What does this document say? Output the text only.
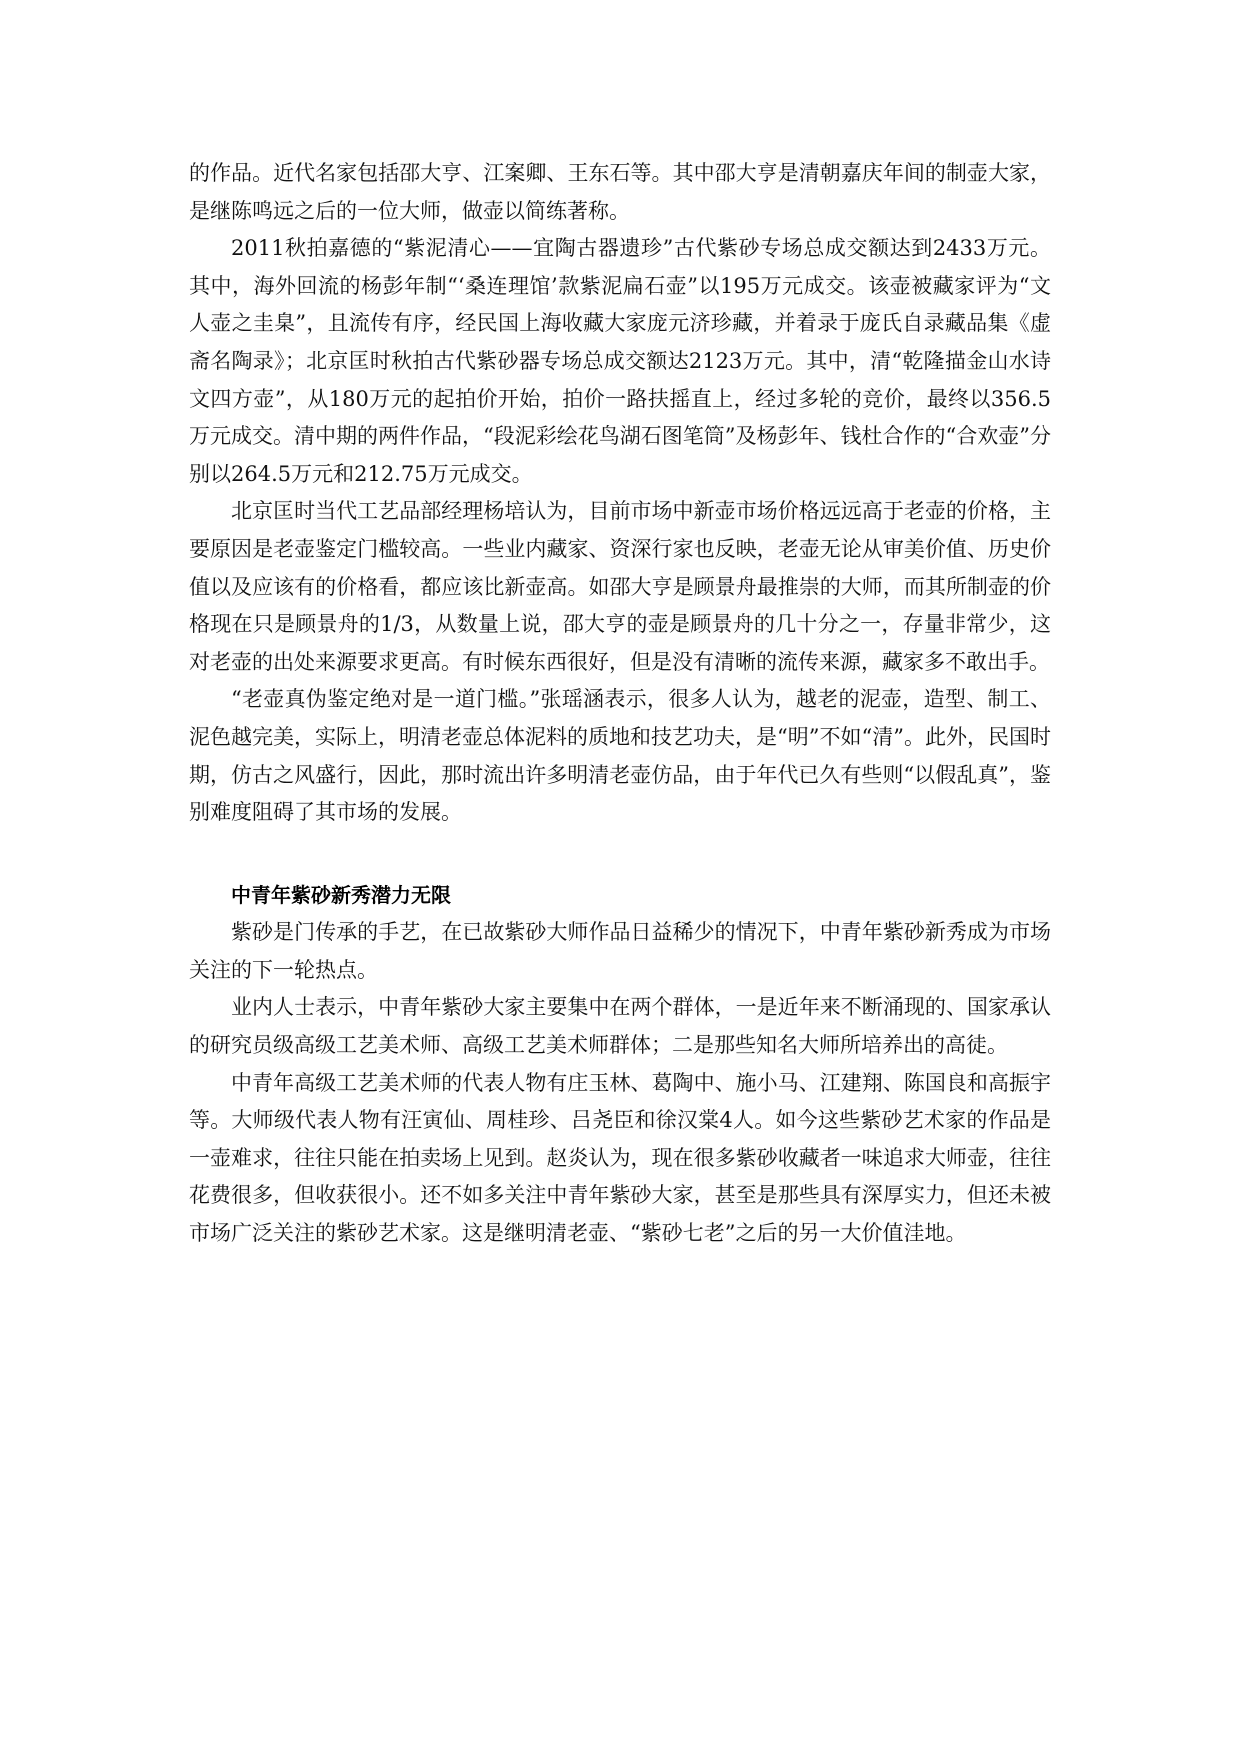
的作品。近代名家包括邵大亨、江案卿、王东石等。其中邵大亨是清朝嘉庆年间的制壶大家，是继陈鸣远之后的一位大师，做壶以简练著称。

2011秋拍嘉德的“紫泥清心——宜陶古器遗珍”古代紫砂专场总成交额达到2433万元。其中，海外回流的杨彭年制“‘桑连理馆’款紫泥扁石壶”以195万元成交。该壶被藏家评为“文人壶之圭臬”，且流传有序，经民国上海收藏大家庞元济珍藏，并着录于庞氏自录藏品集《虚斋名陶录》；北京匡时秋拍古代紫砂器专场总成交额达2123万元。其中，清“乾隆描金山水诗文四方壶”，从180万元的起拍价开始，拍价一路扶摇直上，经过多轮的竞价，最终以356.5万元成交。清中期的两件作品，“段泥彩绘花鸟湖石图笔筒”及杨彭年、钱杜合作的“合欢壶”分别以264.5万元和212.75万元成交。

北京匡时当代工艺品部经理杨培认为，目前市场中新壶市场价格远远高于老壶的价格，主要原因是老壶鉴定门槛较高。一些业内藏家、资深行家也反映，老壶无论从审美价值、历史价值以及应该有的价格看，都应该比新壶高。如邵大亨是顾景舟最推崇的大师，而其所制壶的价格现在只是顾景舟的1/3，从数量上说，邵大亨的壶是顾景舟的几十分之一，存量非常少，这对老壶的出处来源要求更高。有时候东西很好，但是没有清晰的流传来源，藏家多不敢出手。

“老壶真伪鉴定绝对是一道门槛。”张瑶涵表示，很多人认为，越老的泥壶，造型、制工、泥色越完美，实际上，明清老壶总体泥料的质地和技艺功夫，是“明”不如“清”。此外，民国时期，仿古之风盛行，因此，那时流出许多明清老壶仿品，由于年代已久有些则“以假乱真”，鉴别难度阻碍了其市场的发展。

中青年紫砂新秀潜力无限

紫砂是门传承的手艺，在已故紫砂大师作品日益稀少的情况下，中青年紫砂新秀成为市场关注的下一轮热点。

业内人士表示，中青年紫砂大家主要集中在两个群体，一是近年来不断涌现的、国家承认的研究员级高级工艺美术师、高级工艺美术师群体；二是那些知名大师所培养出的高徒。

中青年高级工艺美术师的代表人物有庄玉林、葛陶中、施小马、江建翔、陈国良和高振宇等。大师级代表人物有汪寅仙、周桂珍、吕尧臣和徐汉棠4人。如今这些紫砂艺术家的作品是一壶难求，往往只能在拍卖场上见到。赵炎认为，现在很多紫砂收藏者一味追求大师壶，往往花费很多，但收获很小。还不如多关注中青年紫砂大家，甚至是那些具有深厚实力，但还未被市场广泛关注的紫砂艺术家。这是继明清老壶、“紫砂七老”之后的另一大价值洼地。
